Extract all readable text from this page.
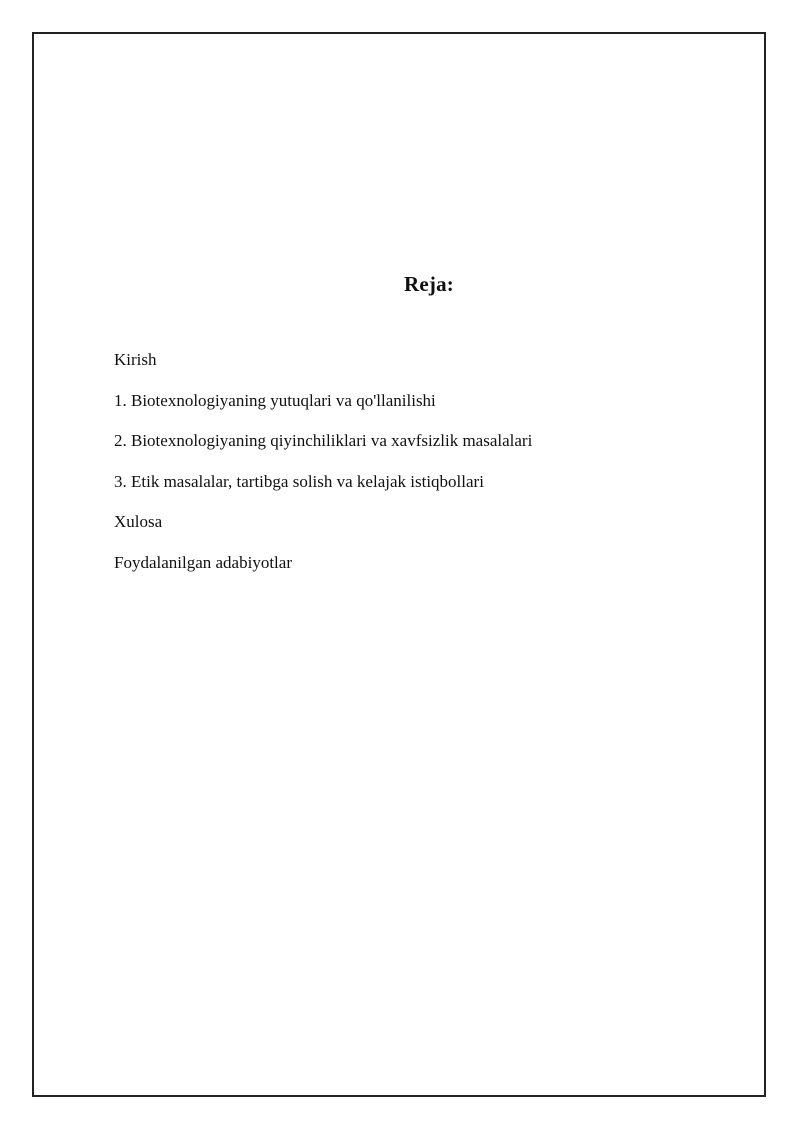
Reja:
Kirish
1. Biotexnologiyaning yutuqlari va qo'llanilishi
2. Biotexnologiyaning qiyinchiliklari va xavfsizlik masalalari
3. Etik masalalar, tartibga solish va kelajak istiqbollari
Xulosa
Foydalanilgan adabiyotlar
